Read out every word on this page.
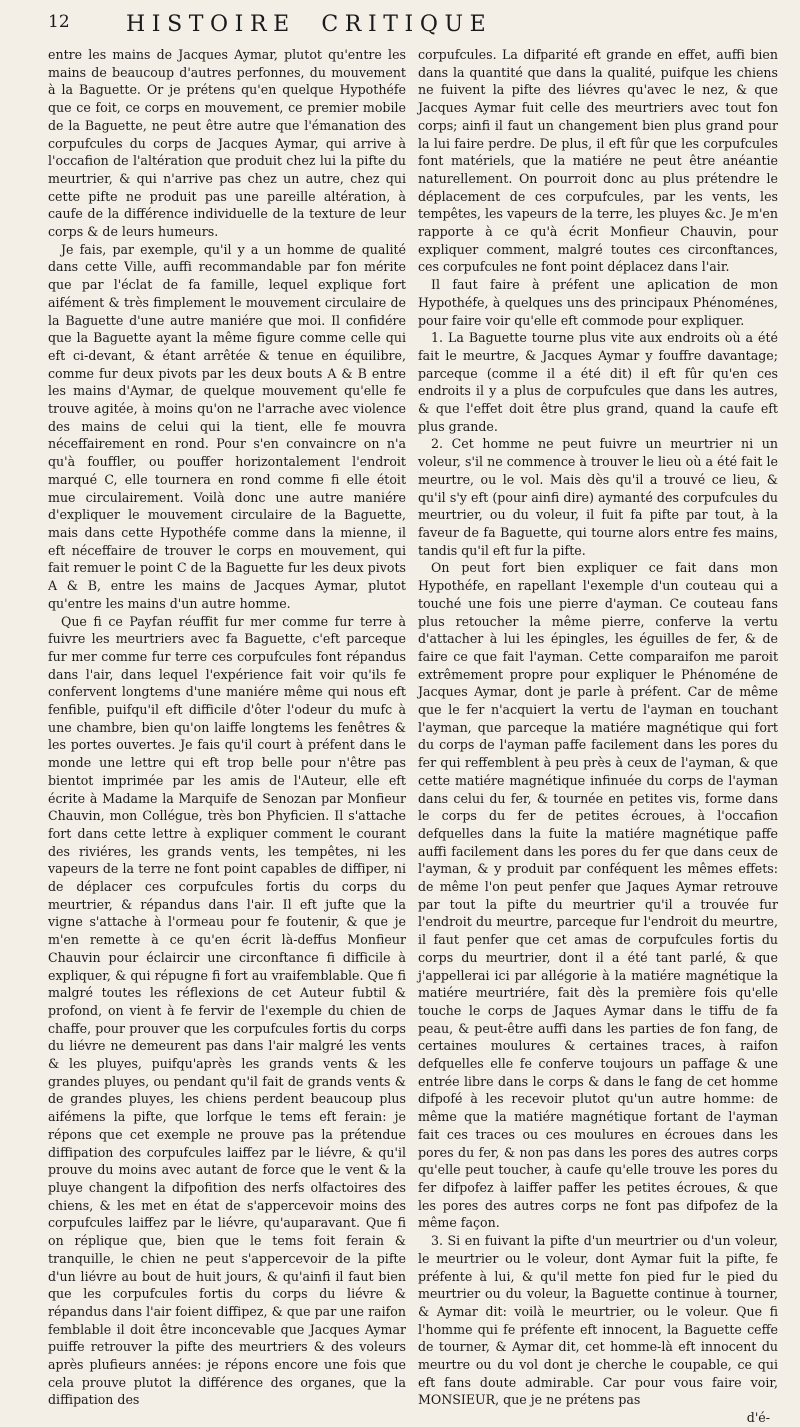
12	HISTOIRE CRITIQUE

entre les mains de Jacques Aymar, plutot qu'entre les mains de beaucoup d'autres perfonnes, du mouvement à la Baguette. Or je prétens qu'en quelque Hypothéfe que ce foit, ce corps en mouvement, ce premier mobile de la Baguette, ne peut être autre que l'émanation des corpufcules du corps de Jacques Aymar, qui arrive à l'occafion de l'altération que produit chez lui la pifte du meurtrier, & qui n'arrive pas chez un autre, chez qui cette pifte ne produit pas une pareille altération, à caufe de la différence individuelle de la texture de leur corps & de leurs humeurs.

Je fais, par exemple, qu'il y a un homme de qualité dans cette Ville, auffi recommandable par fon mérite que par l'éclat de fa famille, lequel explique fort aifément & très fimplement le mouvement circulaire de la Baguette d'une autre maniére que moi. Il confidére que la Baguette ayant la même figure comme celle qui eft ci-devant, & étant arrêtée & tenue en équilibre, comme fur deux pivots par les deux bouts A & B entre les mains d'Aymar, de quelque mouvement qu'elle fe trouve agitée, à moins qu'on ne l'arrache avec violence des mains de celui qui la tient, elle fe mouvra néceffairement en rond. Pour s'en convaincre on n'a qu'à fouffler, ou pouffer horizontalement l'endroit marqué C, elle tournera en rond comme fi elle étoit mue circulairement. Voilà donc une autre maniére d'expliquer le mouvement circulaire de la Baguette, mais dans cette Hypothéfe comme dans la mienne, il eft néceffaire de trouver le corps en mouvement, qui fait remuer le point C de la Baguette fur les deux pivots A & B, entre les mains de Jacques Aymar, plutot qu'entre les mains d'un autre homme.

Que fi ce Payfan réuffit fur mer comme fur terre à fuivre les meurtriers avec fa Baguette, c'eft parceque fur mer comme fur terre ces corpufcules font répandus dans l'air, dans lequel l'expérience fait voir qu'ils fe confervent longtems d'une maniére même qui nous eft fenfible, puifqu'il eft difficile d'ôter l'odeur du mufc à une chambre, bien qu'on laiffe longtems les fenêtres & les portes ouvertes. Je fais qu'il court à préfent dans le monde une lettre qui eft trop belle pour n'être pas bientot imprimée par les amis de l'Auteur, elle eft écrite à Madame la Marquife de Senozan par Monfieur Chauvin, mon Collégue, très bon Phyficien. Il s'attache fort dans cette lettre à expliquer comment le courant des riviéres, les grands vents, les tempêtes, ni les vapeurs de la terre ne font point capables de diffiper, ni de déplacer ces corpufcules fortis du corps du meurtrier, & répandus dans l'air. Il eft jufte que la vigne s'attache à l'ormeau pour fe foutenir, & que je m'en remette à ce qu'en écrit là-deffus Monfieur Chauvin pour éclaircir une circonftance fi difficile à expliquer, & qui répugne fi fort au vraifemblable. Que fi malgré toutes les réflexions de cet Auteur fubtil & profond, on vient à fe fervir de l'exemple du chien de chaffe, pour prouver que les corpufcules fortis du corps du liévre ne demeurent pas dans l'air malgré les vents & les pluyes, puifqu'après les grands vents & les grandes pluyes, ou pendant qu'il fait de grands vents & de grandes pluyes, les chiens perdent beaucoup plus aifémens la pifte, que lorfque le tems eft ferain: je répons que cet exemple ne prouve pas la prétendue diffipation des corpufcules laiffez par le liévre, & qu'il prouve du moins avec autant de force que le vent & la pluye changent la difpofition des nerfs olfactoires des chiens, & les met en état de s'appercevoir moins des corpufcules laiffez par le liévre, qu'auparavant. Que fi on réplique que, bien que le tems foit ferain & tranquille, le chien ne peut s'appercevoir de la pifte d'un liévre au bout de huit jours, & qu'ainfi il faut bien que les corpufcules fortis du corps du liévre & répandus dans l'air foient diffipez, & que par une raifon femblable il doit être inconcevable que Jacques Aymar puiffe retrouver la pifte des meurtriers & des voleurs après plufieurs années: je répons encore une fois que cela prouve plutot la différence des organes, que la diffipation des

corpufcules. La difparité eft grande en effet, auffi bien dans la quantité que dans la qualité, puifque les chiens ne fuivent la pifte des liévres qu'avec le nez, & que Jacques Aymar fuit celle des meurtriers avec tout fon corps; ainfi il faut un changement bien plus grand pour la lui faire perdre. De plus, il eft fûr que les corpufcules font matériels, que la matiére ne peut être anéantie naturellement. On pourroit donc au plus prétendre le déplacement de ces corpufcules, par les vents, les tempêtes, les vapeurs de la terre, les pluyes &c. Je m'en rapporte à ce qu'à écrit Monfieur Chauvin, pour expliquer comment, malgré toutes ces circonftances, ces corpufcules ne font point déplacez dans l'air.

Il faut faire à préfent une aplication de mon Hypothéfe, à quelques uns des principaux Phénoménes, pour faire voir qu'elle eft commode pour expliquer.

1. La Baguette tourne plus vite aux endroits où a été fait le meurtre, & Jacques Aymar y fouffre davantage; parceque (comme il a été dit) il eft fûr qu'en ces endroits il y a plus de corpufcules que dans les autres, & que l'effet doit être plus grand, quand la caufe eft plus grande.

2. Cet homme ne peut fuivre un meurtrier ni un voleur, s'il ne commence à trouver le lieu où a été fait le meurtre, ou le vol. Mais dès qu'il a trouvé ce lieu, & qu'il s'y eft (pour ainfi dire) aymanté des corpufcules du meurtrier, ou du voleur, il fuit fa pifte par tout, à la faveur de fa Baguette, qui tourne alors entre fes mains, tandis qu'il eft fur la pifte.

On peut fort bien expliquer ce fait dans mon Hypothéfe, en rapellant l'exemple d'un couteau qui a touché une fois une pierre d'ayman. Ce couteau fans plus retoucher la même pierre, conferve la vertu d'attacher à lui les épingles, les éguilles de fer, & de faire ce que fait l'ayman. Cette comparaifon me paroit extrêmement propre pour expliquer le Phénoméne de Jacques Aymar, dont je parle à préfent. Car de même que le fer n'acquiert la vertu de l'ayman en touchant l'ayman, que parceque la matiére magnétique qui fort du corps de l'ayman paffe facilement dans les pores du fer qui reffemblent à peu près à ceux de l'ayman, & que cette matiére magnétique infinuée du corps de l'ayman dans celui du fer, & tournée en petites vis, forme dans le corps du fer de petites écroues, à l'occafion defquelles dans la fuite la matiére magnétique paffe auffi facilement dans les pores du fer que dans ceux de l'ayman, & y produit par conféquent les mêmes effets: de même l'on peut penfer que Jaques Aymar retrouve par tout la pifte du meurtrier qu'il a trouvée fur l'endroit du meurtre, parceque fur l'endroit du meurtre, il faut penfer que cet amas de corpufcules fortis du corps du meurtrier, dont il a été tant parlé, & que j'appellerai ici par allégorie à la matiére magnétique la matiére meurtriére, fait dès la première fois qu'elle touche le corps de Jaques Aymar dans le tiffu de fa peau, & peut-être auffi dans les parties de fon fang, de certaines moulures & certaines traces, à raifon defquelles elle fe conferve toujours un paffage & une entrée libre dans le corps & dans le fang de cet homme difpofé à les recevoir plutot qu'un autre homme: de même que la matiére magnétique fortant de l'ayman fait ces traces ou ces moulures en écroues dans les pores du fer, & non pas dans les pores des autres corps qu'elle peut toucher, à caufe qu'elle trouve les pores du fer difpofez à laiffer paffer les petites écroues, & que les pores des autres corps ne font pas difpofez de la même façon.

3. Si en fuivant la pifte d'un meurtrier ou d'un voleur, le meurtrier ou le voleur, dont Aymar fuit la pifte, fe préfente à lui, & qu'il mette fon pied fur le pied du meurtrier ou du voleur, la Baguette continue à tourner, & Aymar dit: voilà le meurtrier, ou le voleur. Que fi l'homme qui fe préfente eft innocent, la Baguette ceffe de tourner, & Aymar dit, cet homme-là eft innocent du meurtre ou du vol dont je cherche le coupable, ce qui eft fans doute admirable. Car pour vous faire voir, MONSIEUR, que je ne prétens pas

d'é-
